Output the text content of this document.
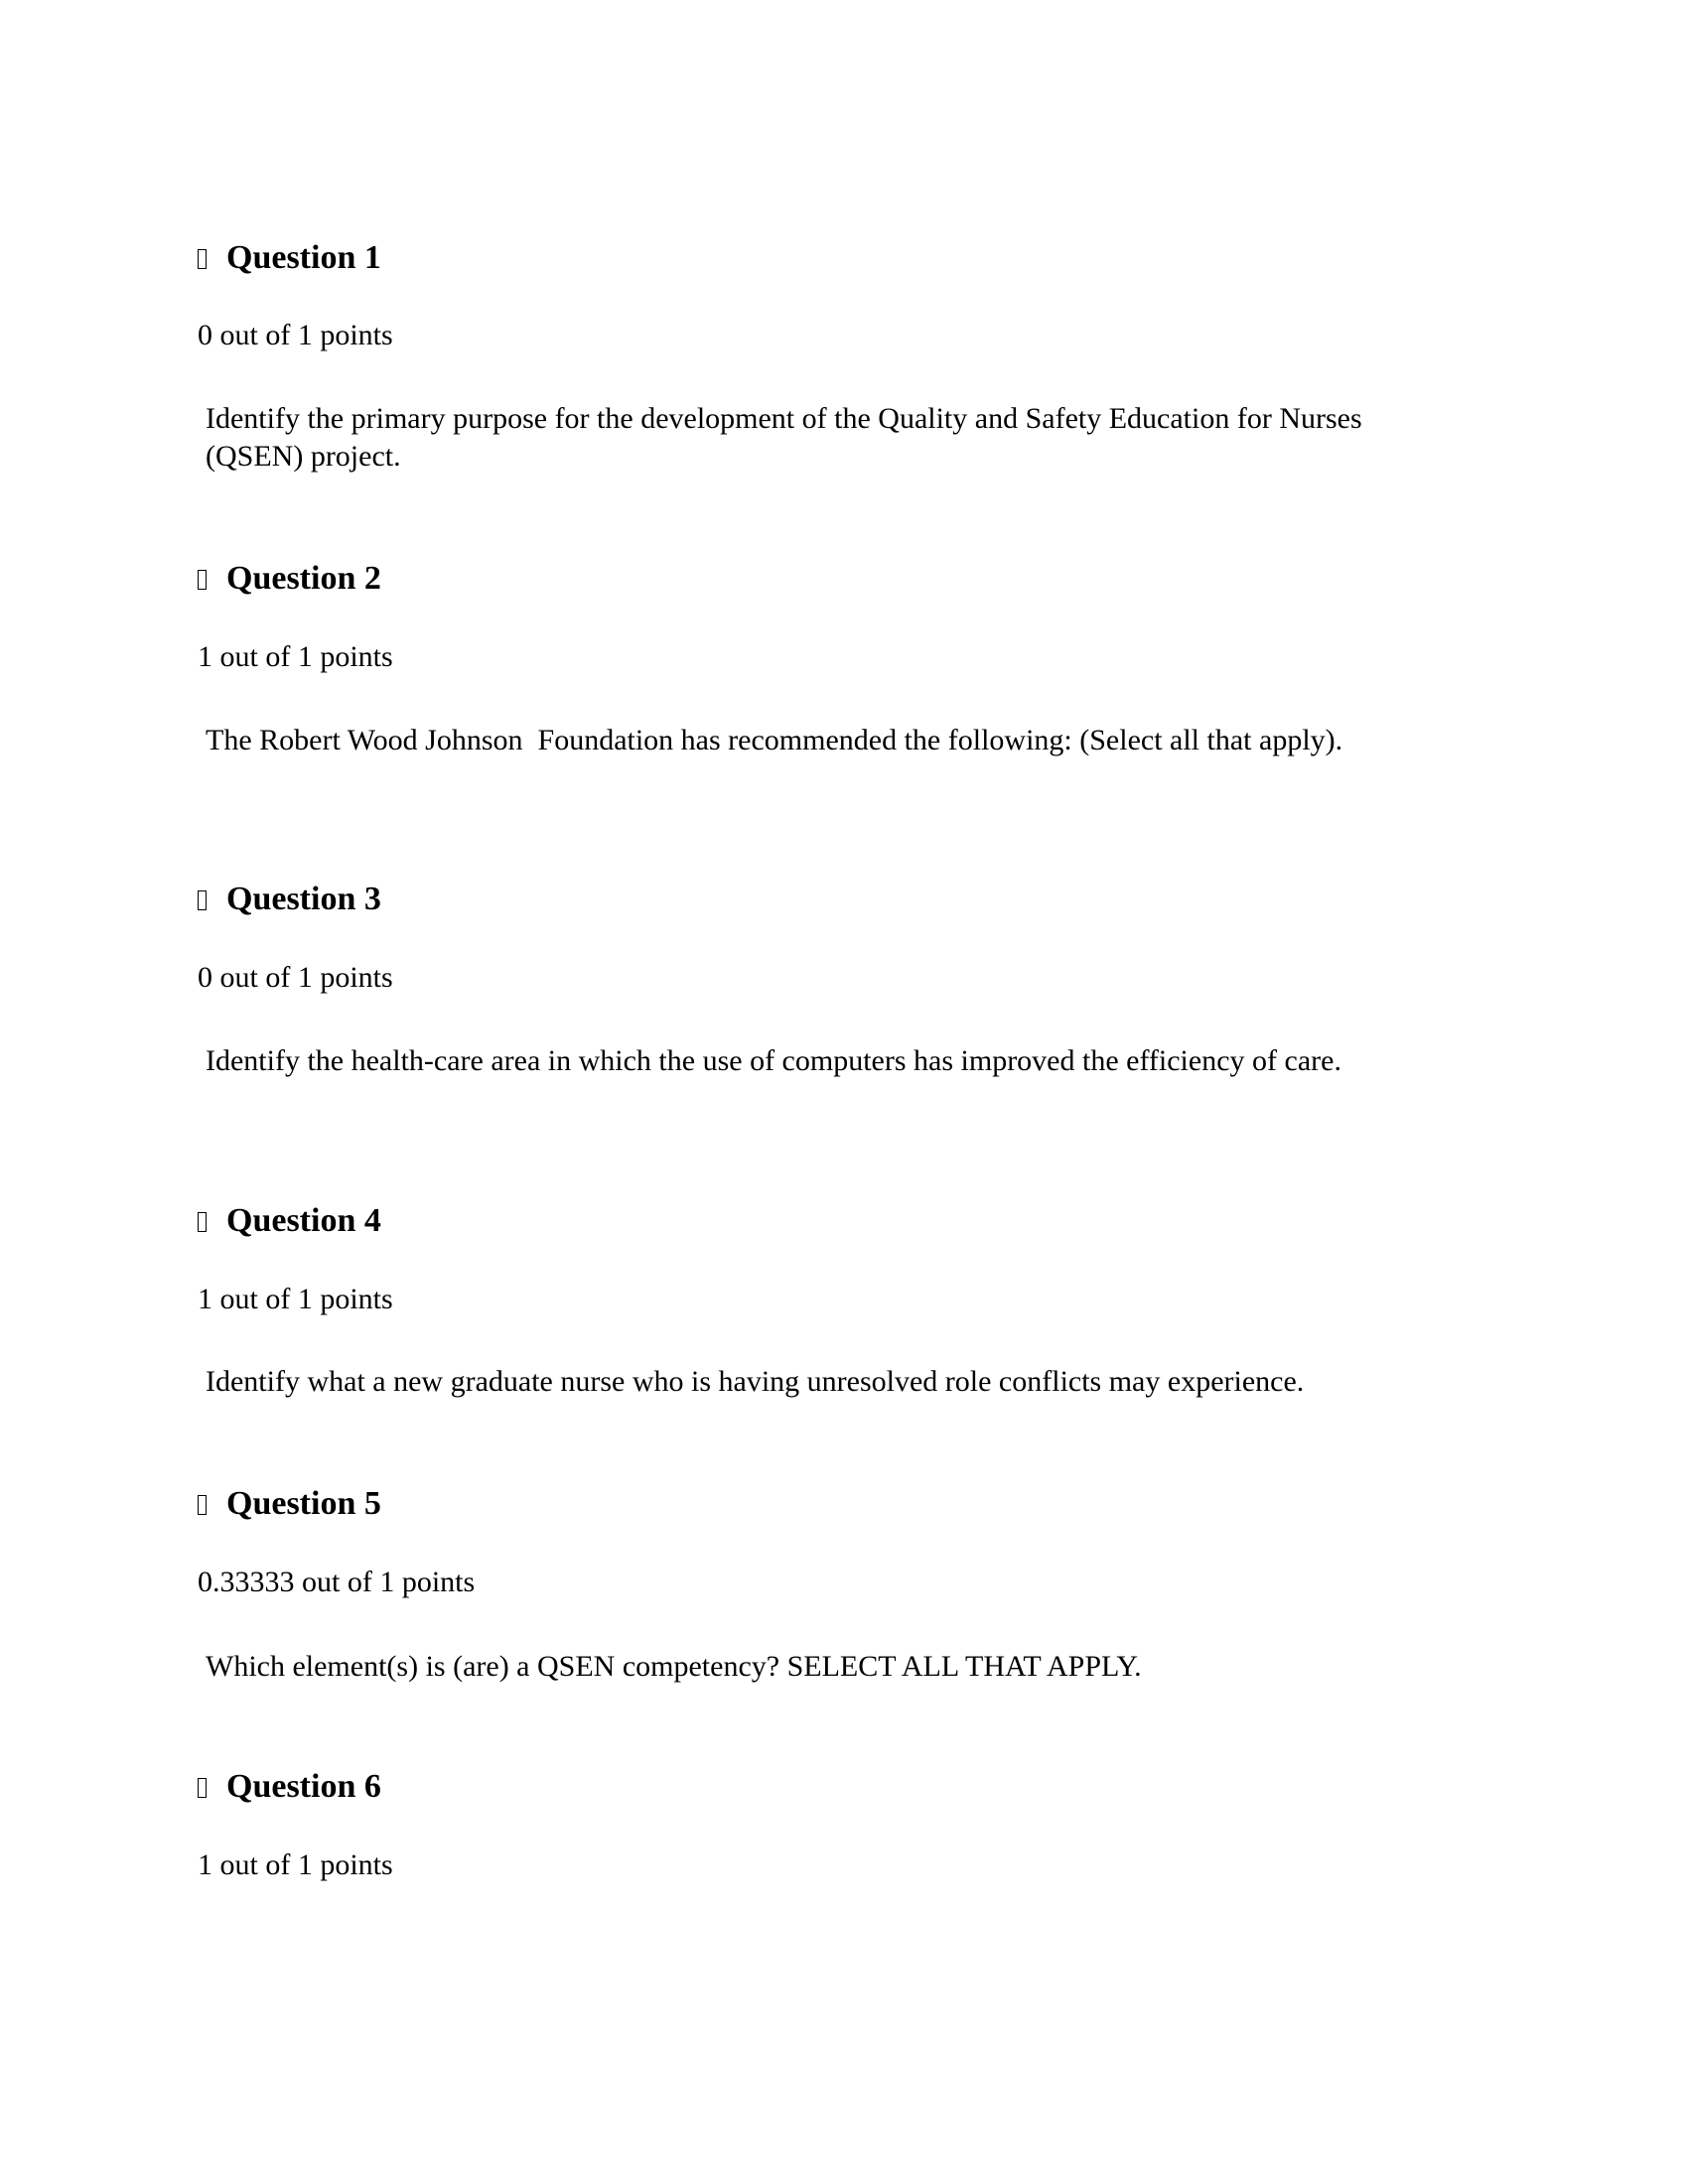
Question 1
0 out of 1 points
Identify the primary purpose for the development of the Quality and Safety Education for Nurses (QSEN) project.
Question 2
1 out of 1 points
The Robert Wood Johnson  Foundation has recommended the following: (Select all that apply).
Question 3
0 out of 1 points
Identify the health-care area in which the use of computers has improved the efficiency of care.
Question 4
1 out of 1 points
Identify what a new graduate nurse who is having unresolved role conflicts may experience.
Question 5
0.33333 out of 1 points
Which element(s) is (are) a QSEN competency? SELECT ALL THAT APPLY.
Question 6
1 out of 1 points
